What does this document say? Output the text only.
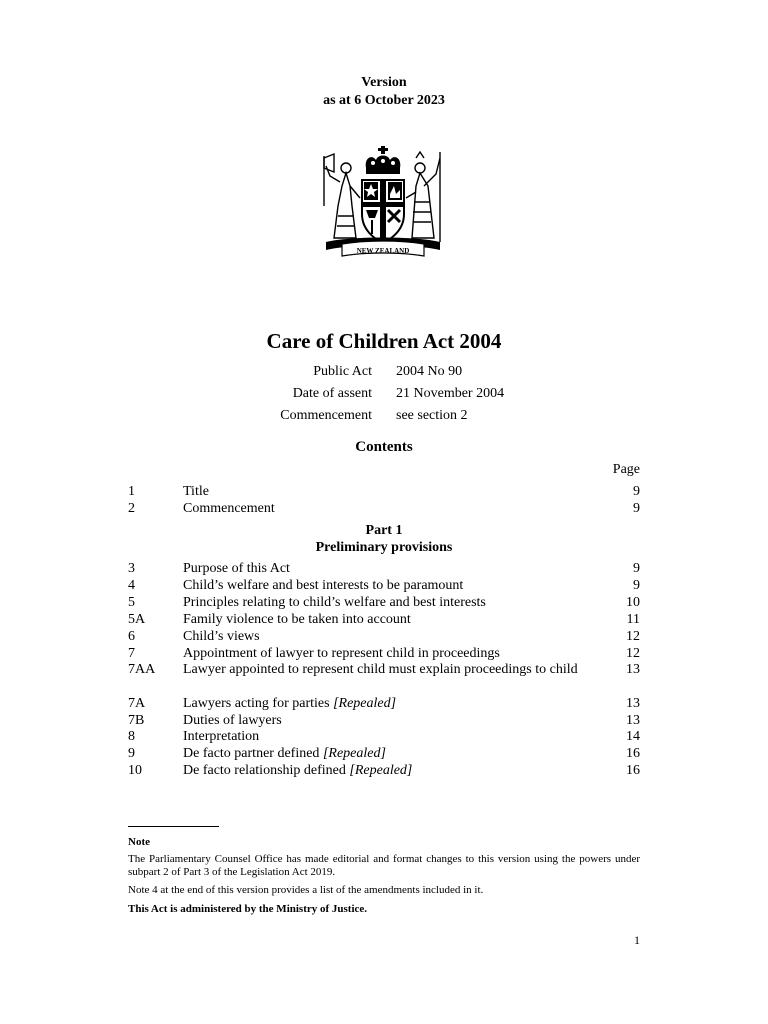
Version
as at 6 October 2023
NEW ZEALAND
Care of Children Act 2004
Public Act 2004 No 90
Date of assent 21 November 2004
Commencement see section 2
Contents
Page
1	Title	9
2	Commencement	9
Part 1
Preliminary provisions
3	Purpose of this Act	9
4	Child’s welfare and best interests to be paramount	9
5	Principles relating to child’s welfare and best interests	10
5A	Family violence to be taken into account	11
6	Child’s views	12
7	Appointment of lawyer to represent child in proceedings	12
7AA	Lawyer appointed to represent child must explain proceedings to child	13
7A	Lawyers acting for parties [Repealed]	13
7B	Duties of lawyers	13
8	Interpretation	14
9	De facto partner defined [Repealed]	16
10	De facto relationship defined [Repealed]	16
Note
The Parliamentary Counsel Office has made editorial and format changes to this version using the powers under subpart 2 of Part 3 of the Legislation Act 2019.
Note 4 at the end of this version provides a list of the amendments included in it.
This Act is administered by the Ministry of Justice.
1
